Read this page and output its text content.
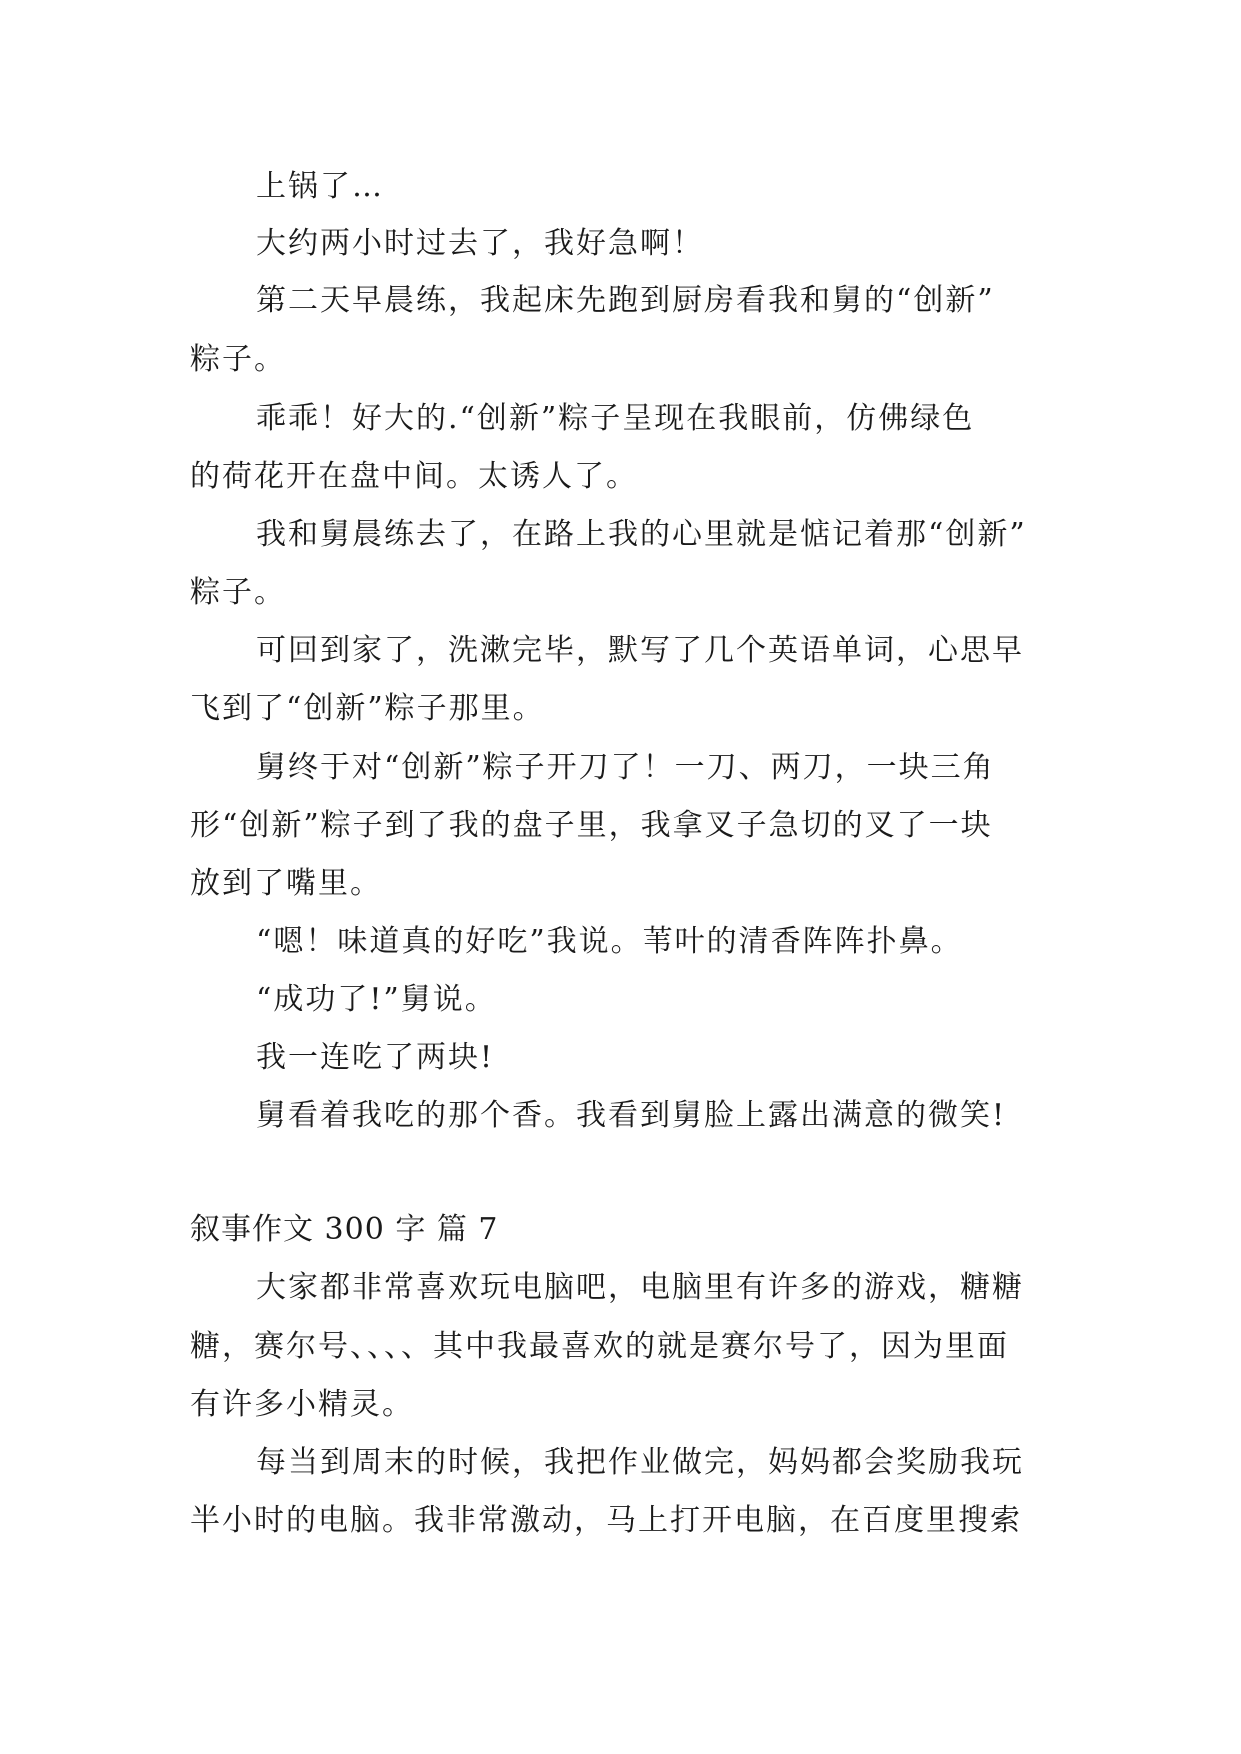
上锅了…
大约两小时过去了，我好急啊！
第二天早晨练，我起床先跑到厨房看我和舅的“创新”
粽子。
乖乖！好大的.“创新”粽子呈现在我眼前，仿佛绿色
的荷花开在盘中间。太诱人了。
我和舅晨练去了，在路上我的心里就是惦记着那“创新”
粽子。
可回到家了，洗漱完毕，默写了几个英语单词，心思早
飞到了“创新”粽子那里。
舅终于对“创新”粽子开刀了！一刀、两刀，一块三角
形“创新”粽子到了我的盘子里，我拿叉子急切的叉了一块
放到了嘴里。
“嗯！味道真的好吃”我说。苇叶的清香阵阵扑鼻。
“成功了!”舅说。
我一连吃了两块!
舅看着我吃的那个香。我看到舅脸上露出满意的微笑!
叙事作文 300 字 篇 7
大家都非常喜欢玩电脑吧，电脑里有许多的游戏，糖糖
糖，赛尔号、、、、其中我最喜欢的就是赛尔号了，因为里面
有许多小精灵。
每当到周末的时候，我把作业做完，妈妈都会奖励我玩
半小时的电脑。我非常激动，马上打开电脑，在百度里搜索
